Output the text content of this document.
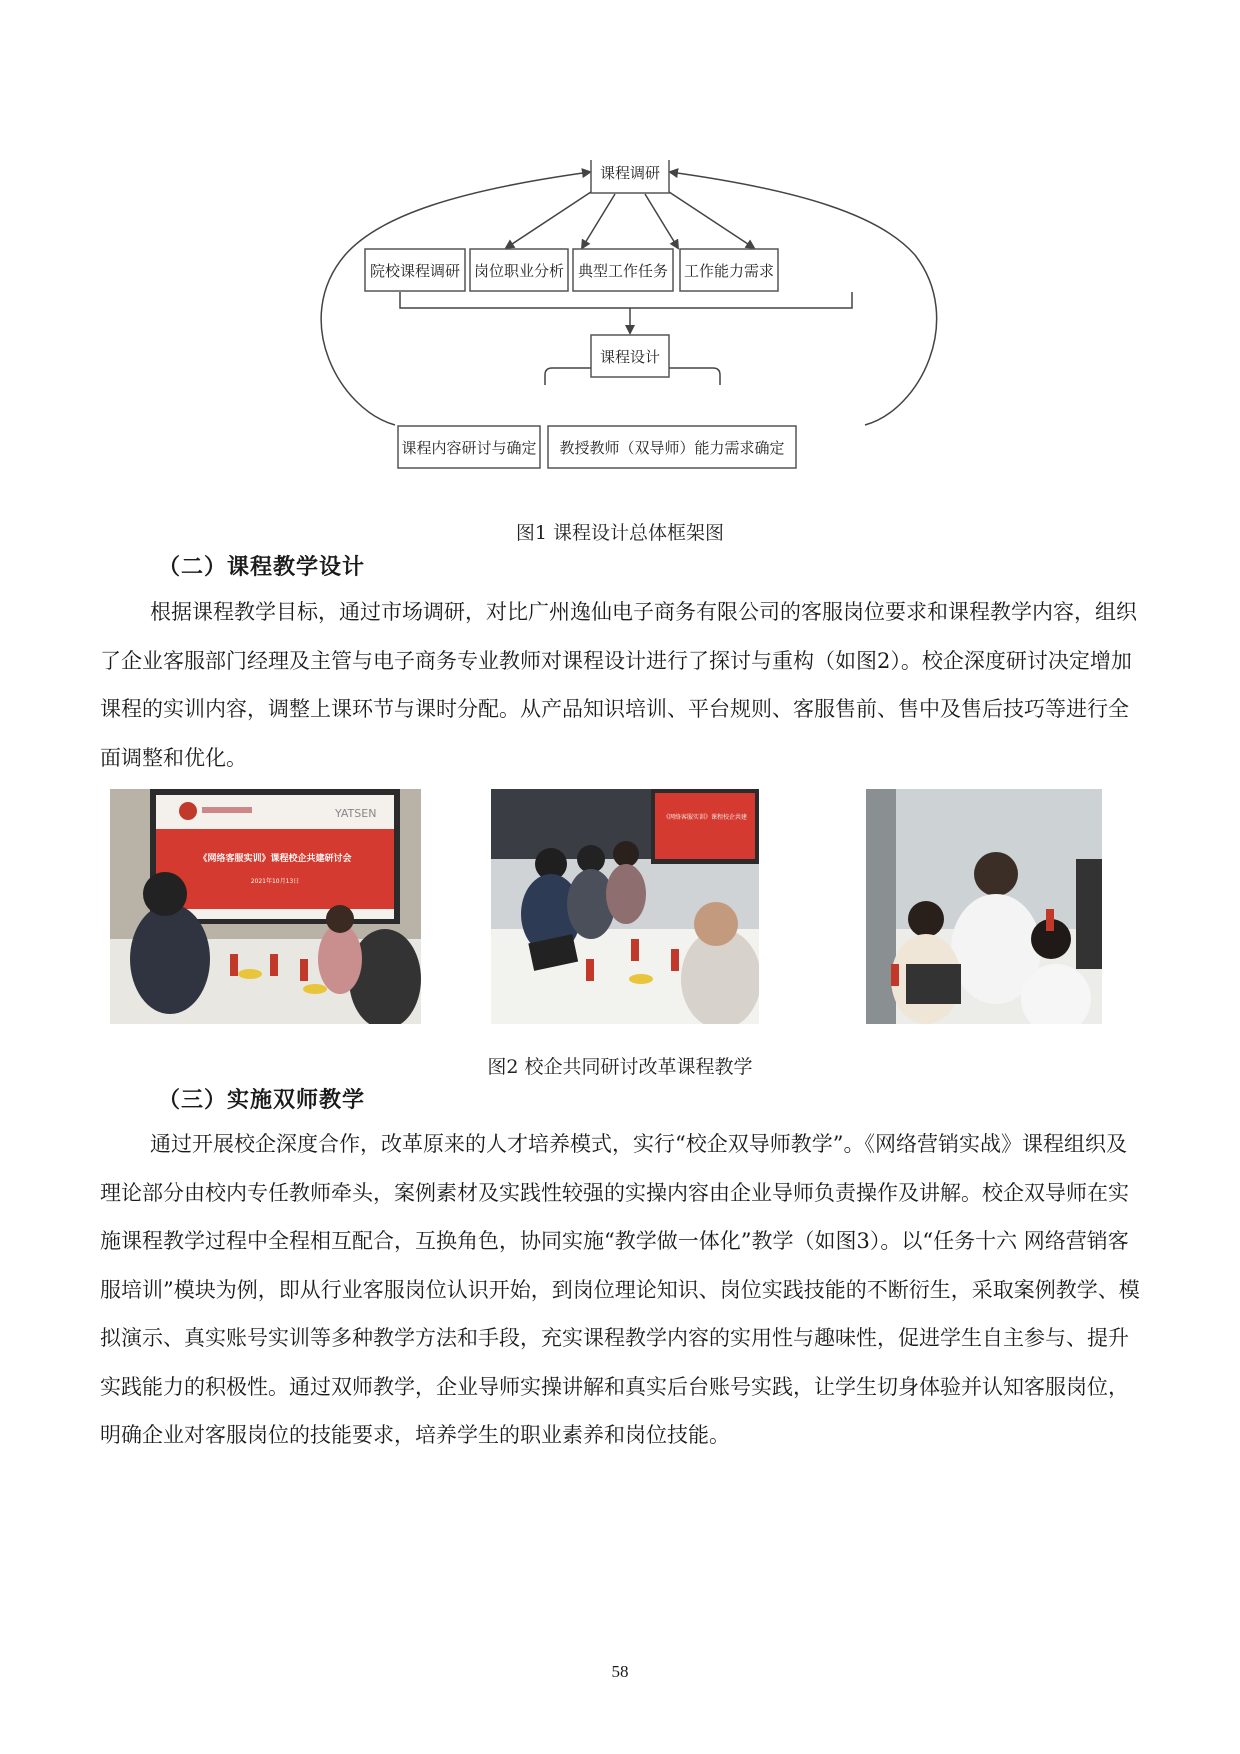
课程调研
院校课程调研 岗位职业分析 典型工作任务 工作能力需求
课程设计
课程内容研讨与确定 教授教师（双导师）能力需求确定
图1 课程设计总体框架图
（二）课程教学设计

根据课程教学目标，通过市场调研，对比广州逸仙电子商务有限公司的客服岗位要求和课程教学内容，组织了企业客服部门经理及主管与电子商务专业教师对课程设计进行了探讨与重构（如图2）。校企深度研讨决定增加课程的实训内容，调整上课环节与课时分配。从产品知识培训、平台规则、客服售前、售中及售后技巧等进行全面调整和优化。

YATSEN
《网络客服实训》课程校企共建研讨会
2021年10月13日
《网络客服实训》课程校企共建
图2 校企共同研讨改革课程教学
（三）实施双师教学

通过开展校企深度合作，改革原来的人才培养模式，实行“校企双导师教学”。《网络营销实战》课程组织及理论部分由校内专任教师牵头，案例素材及实践性较强的实操内容由企业导师负责操作及讲解。校企双导师在实施课程教学过程中全程相互配合，互换角色，协同实施“教学做一体化”教学（如图3）。以“任务十六 网络营销客服培训”模块为例，即从行业客服岗位认识开始，到岗位理论知识、岗位实践技能的不断衍生，采取案例教学、模拟演示、真实账号实训等多种教学方法和手段，充实课程教学内容的实用性与趣味性，促进学生自主参与、提升实践能力的积极性。通过双师教学，企业导师实操讲解和真实后台账号实践，让学生切身体验并认知客服岗位，明确企业对客服岗位的技能要求，培养学生的职业素养和岗位技能。

58
